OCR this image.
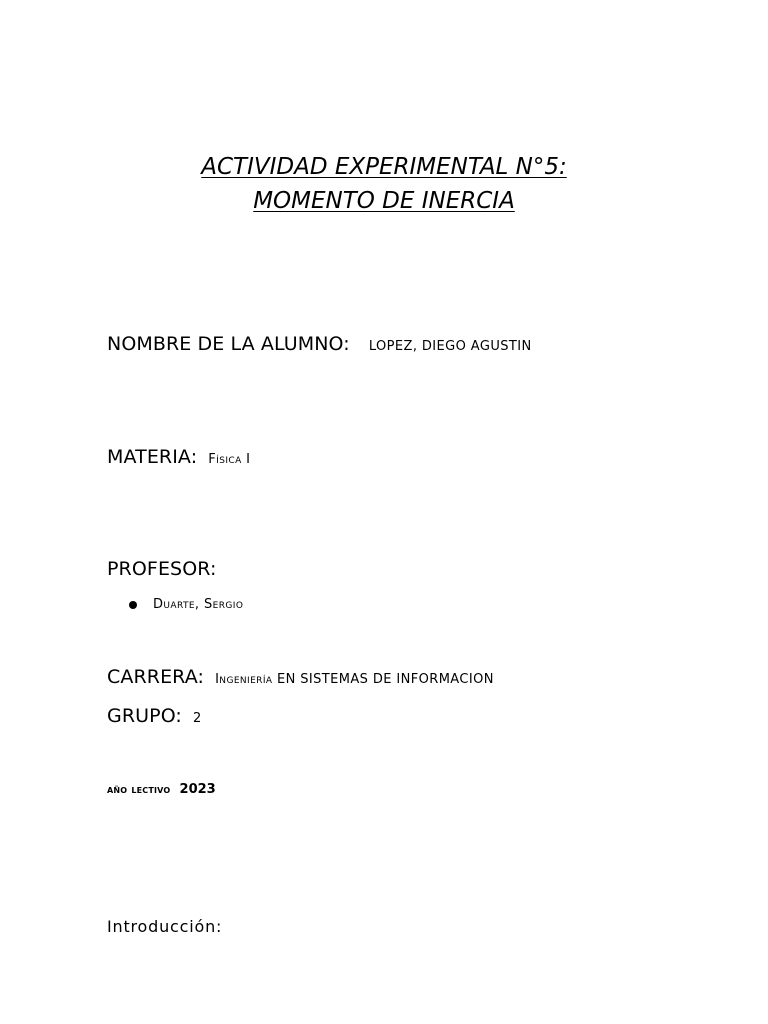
ACTIVIDAD EXPERIMENTAL N°5:
MOMENTO DE INERCIA
NOMBRE DE LA ALUMNO: LOPEZ, DIEGO AGUSTIN
MATERIA: Física I
PROFESOR:
Duarte, Sergio
CARRERA: Ingeniería EN SISTEMAS DE INFORMACION
GRUPO: 2
año lectivo 2023
Introducción:
